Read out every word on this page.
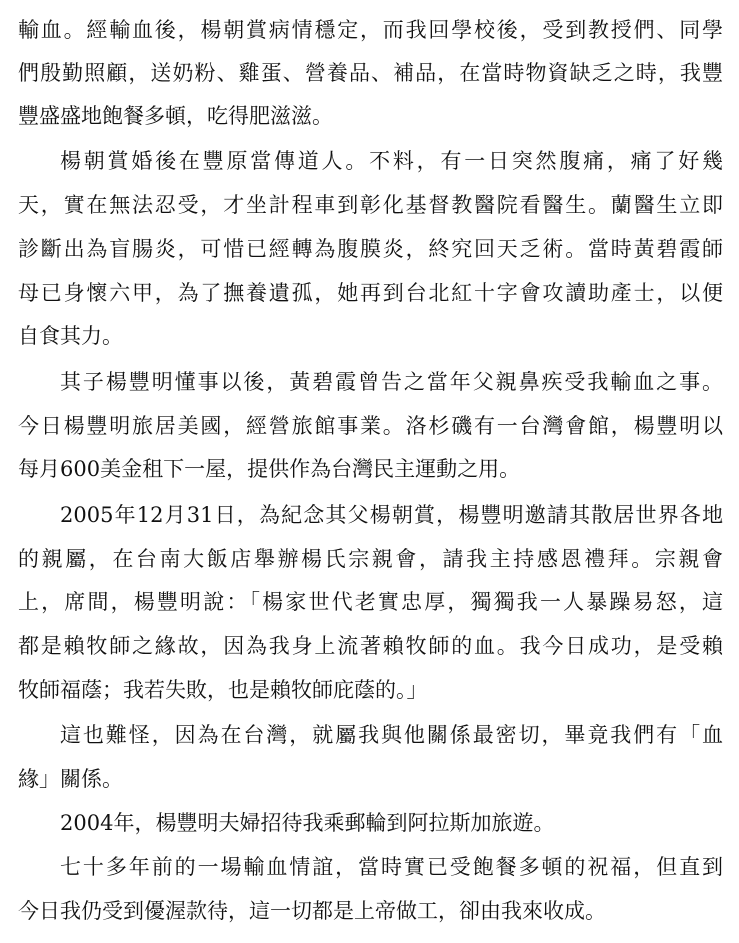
輸血。經輸血後，楊朝賞病情穩定，而我回學校後，受到教授們、同學
們殷勤照顧，送奶粉、雞蛋、營養品、補品，在當時物資缺乏之時，我豐
豐盛盛地飽餐多頓，吃得肥滋滋。
楊朝賞婚後在豐原當傳道人。不料，有一日突然腹痛，痛了好幾
天，實在無法忍受，才坐計程車到彰化基督教醫院看醫生。蘭醫生立即
診斷出為盲腸炎，可惜已經轉為腹膜炎，終究回天乏術。當時黃碧霞師
母已身懷六甲，為了撫養遺孤，她再到台北紅十字會攻讀助產士，以便
自食其力。
其子楊豐明懂事以後，黃碧霞曾告之當年父親鼻疾受我輸血之事。
今日楊豐明旅居美國，經營旅館事業。洛杉磯有一台灣會館，楊豐明以
每月600美金租下一屋，提供作為台灣民主運動之用。
2005年12月31日，為紀念其父楊朝賞，楊豐明邀請其散居世界各地
的親屬，在台南大飯店舉辦楊氏宗親會，請我主持感恩禮拜。宗親會
上，席間，楊豐明說：「楊家世代老實忠厚，獨獨我一人暴躁易怒，這
都是賴牧師之緣故，因為我身上流著賴牧師的血。我今日成功，是受賴
牧師福蔭；我若失敗，也是賴牧師庇蔭的。」
這也難怪，因為在台灣，就屬我與他關係最密切，畢竟我們有「血
緣」關係。
2004年，楊豐明夫婦招待我乘郵輪到阿拉斯加旅遊。
七十多年前的一場輸血情誼，當時實已受飽餐多頓的祝福，但直到
今日我仍受到優渥款待，這一切都是上帝做工，卻由我來收成。
